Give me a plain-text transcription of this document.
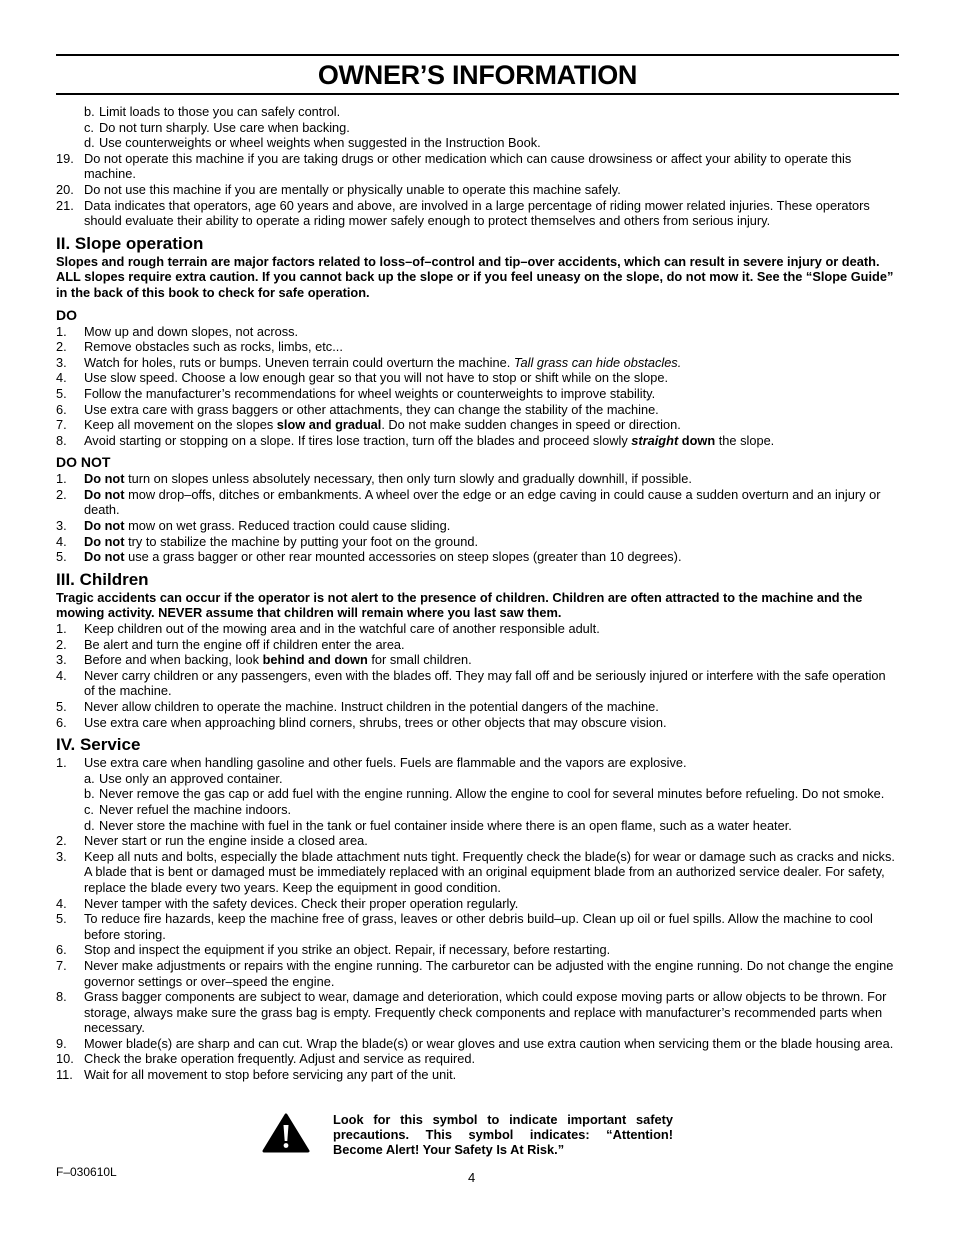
OWNER’S INFORMATION
b. Limit loads to those you can safely control.
c. Do not turn sharply. Use care when backing.
d. Use counterweights or wheel weights when suggested in the Instruction Book.
19. Do not operate this machine if you are taking drugs or other medication which can cause drowsiness or affect your ability to operate this machine.
20. Do not use this machine if you are mentally or physically unable to operate this machine safely.
21. Data indicates that operators, age 60 years and above, are involved in a large percentage of riding mower related injuries. These operators should evaluate their ability to operate a riding mower safely enough to protect themselves and others from serious injury.
II. Slope operation
Slopes and rough terrain are major factors related to loss–of–control and tip–over accidents, which can result in severe injury or death. ALL slopes require extra caution. If you cannot back up the slope or if you feel uneasy on the slope, do not mow it. See the “Slope Guide” in the back of this book to check for safe operation.
DO
1.	Mow up and down slopes, not across.
2.	Remove obstacles such as rocks, limbs, etc...
3.	Watch for holes, ruts or bumps. Uneven terrain could overturn the machine. Tall grass can hide obstacles.
4.	Use slow speed. Choose a low enough gear so that you will not have to stop or shift while on the slope.
5.	Follow the manufacturer’s recommendations for wheel weights or counterweights to improve stability.
6.	Use extra care with grass baggers or other attachments, they can change the stability of the machine.
7.	Keep all movement on the slopes slow and gradual. Do not make sudden changes in speed or direction.
8.	Avoid starting or stopping on a slope. If tires lose traction, turn off the blades and proceed slowly straight down the slope.
DO NOT
1.	Do not turn on slopes unless absolutely necessary, then only turn slowly and gradually downhill, if possible.
2.	Do not mow drop–offs, ditches or embankments. A wheel over the edge or an edge caving in could cause a sudden overturn and an injury or death.
3.	Do not mow on wet grass. Reduced traction could cause sliding.
4.	Do not try to stabilize the machine by putting your foot on the ground.
5.	Do not use a grass bagger or other rear mounted accessories on steep slopes (greater than 10 degrees).
III. Children
Tragic accidents can occur if the operator is not alert to the presence of children. Children are often attracted to the machine and the mowing activity. NEVER assume that children will remain where you last saw them.
1.	Keep children out of the mowing area and in the watchful care of another responsible adult.
2.	Be alert and turn the engine off if children enter the area.
3.	Before and when backing, look behind and down for small children.
4.	Never carry children or any passengers, even with the blades off. They may fall off and be seriously injured or interfere with the safe operation of the machine.
5.	Never allow children to operate the machine. Instruct children in the potential dangers of the machine.
6.	Use extra care when approaching blind corners, shrubs, trees or other objects that may obscure vision.
IV. Service
1.	Use extra care when handling gasoline and other fuels. Fuels are flammable and the vapors are explosive.
a. Use only an approved container.
b. Never remove the gas cap or add fuel with the engine running. Allow the engine to cool for several minutes before refueling. Do not smoke.
c. Never refuel the machine indoors.
d. Never store the machine with fuel in the tank or fuel container inside where there is an open flame, such as a water heater.
2.	Never start or run the engine inside a closed area.
3.	Keep all nuts and bolts, especially the blade attachment nuts tight. Frequently check the blade(s) for wear or damage such as cracks and nicks. A blade that is bent or damaged must be immediately replaced with an original equipment blade from an authorized service dealer. For safety, replace the blade every two years. Keep the equipment in good condition.
4.	Never tamper with the safety devices. Check their proper operation regularly.
5.	To reduce fire hazards, keep the machine free of grass, leaves or other debris build–up. Clean up oil or fuel spills. Allow the machine to cool before storing.
6.	Stop and inspect the equipment if you strike an object. Repair, if necessary, before restarting.
7.	Never make adjustments or repairs with the engine running. The carburetor can be adjusted with the engine running. Do not change the engine governor settings or over–speed the engine.
8.	Grass bagger components are subject to wear, damage and deterioration, which could expose moving parts or allow objects to be thrown. For storage, always make sure the grass bag is empty. Frequently check components and replace with manufacturer’s recommended parts when necessary.
9.	Mower blade(s) are sharp and can cut. Wrap the blade(s) or wear gloves and use extra caution when servicing them or the blade housing area.
10. Check the brake operation frequently. Adjust and service as required.
11. Wait for all movement to stop before servicing any part of the unit.
Look for this symbol to indicate important safety precautions. This symbol indicates: “Attention! Become Alert! Your Safety Is At Risk.”
F–030610L	4
